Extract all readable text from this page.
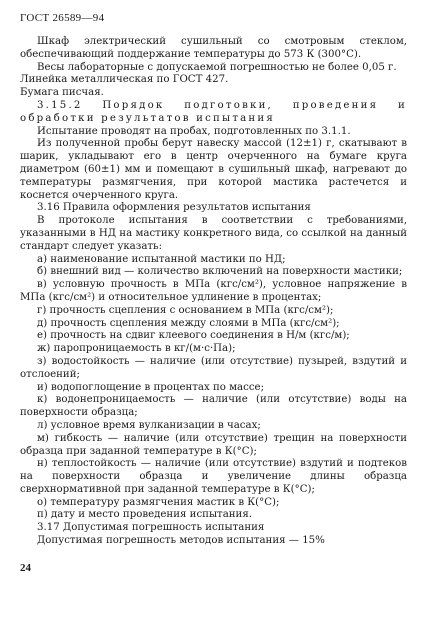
ГОСТ 26589—94

Шкаф электрический сушильный со смотровым стеклом, обеспечивающий поддержание температуры до 573 К (300°С).

Весы лабораторные с допускаемой погрешностью не более 0,05 г.

Линейка металлическая по ГОСТ 427.

Бумага писчая.

3.15.2 Порядок подготовки, проведения и обработки результатов испытания

Испытание проводят на пробах, подготовленных по 3.1.1.

Из полученной пробы берут навеску массой (12±1) г, скатывают в шарик, укладывают его в центр очерченного на бумаге круга диаметром (60±1) мм и помещают в сушильный шкаф, нагревают до температуры размягчения, при которой мастика растечется и коснется очерченного круга.

3.16 Правила оформления результатов испытания

В протоколе испытания в соответствии с требованиями, указанными в НД на мастику конкретного вида, со ссылкой на данный стандарт следует указать:

а) наименование испытанной мастики по НД;

б) внешний вид — количество включений на поверхности мастики;

в) условную прочность в МПа (кгс/см²), условное напряжение в МПа (кгс/см²) и относительное удлинение в процентах;

г) прочность сцепления с основанием в МПа (кгс/см²);

д) прочность сцепления между слоями в МПа (кгс/см²);

е) прочность на сдвиг клеевого соединения в Н/м (кгс/м);

ж) паропроницаемость в кг/(м·с·Па);

з) водостойкость — наличие (или отсутствие) пузырей, вздутий и отслоений;

и) водопоглощение в процентах по массе;

к) водонепроницаемость — наличие (или отсутствие) воды на поверхности образца;

л) условное время вулканизации в часах;

м) гибкость — наличие (или отсутствие) трещин на поверхности образца при заданной температуре в К(°С);

н) теплостойкость — наличие (или отсутствие) вздутий и подтеков на поверхности образца и увеличение длины образца сверхнормативной при заданной температуре в К(°С);

о) температуру размягчения мастик в К(°С);

п) дату и место проведения испытания.

3.17 Допустимая погрешность испытания

Допустимая погрешность методов испытания — 15%

24
